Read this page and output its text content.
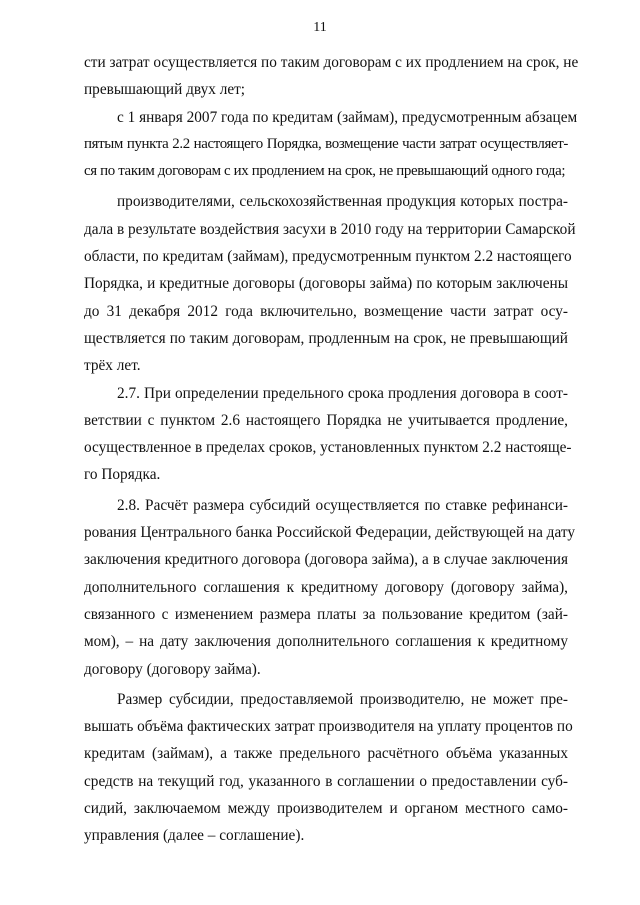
11
сти затрат осуществляется по таким договорам с их продлением на срок, не
превышающий двух лет;
с 1 января 2007 года по кредитам (займам), предусмотренным абзацем
пятым пункта 2.2 настоящего Порядка, возмещение части затрат осуществляет-
ся по таким договорам с их продлением на срок, не превышающий одного года;
производителями, сельскохозяйственная продукция которых постра-
дала в результате воздействия засухи в 2010 году на территории Самарской
области, по кредитам (займам), предусмотренным пунктом 2.2 настоящего
Порядка, и кредитные договоры (договоры займа) по которым заключены
до 31 декабря 2012 года включительно, возмещение части затрат осу-
ществляется по таким договорам, продленным на срок, не превышающий
трёх лет.
2.7. При определении предельного срока продления договора в соот-
ветствии с пунктом 2.6 настоящего Порядка не учитывается продление,
осуществленное в пределах сроков, установленных пунктом 2.2 настояще-
го Порядка.
2.8. Расчёт размера субсидий осуществляется по ставке рефинанси-
рования Центрального банка Российской Федерации, действующей на дату
заключения кредитного договора (договора займа), а в случае заключения
дополнительного соглашения к кредитному договору (договору займа),
связанного с изменением размера платы за пользование кредитом (зай-
мом), – на дату заключения дополнительного соглашения к кредитному
договору (договору займа).
Размер субсидии, предоставляемой производителю, не может пре-
вышать объёма фактических затрат производителя на уплату процентов по
кредитам (займам), а также предельного расчётного объёма указанных
средств на текущий год, указанного в соглашении о предоставлении суб-
сидий, заключаемом между производителем и органом местного само-
управления (далее – соглашение).
